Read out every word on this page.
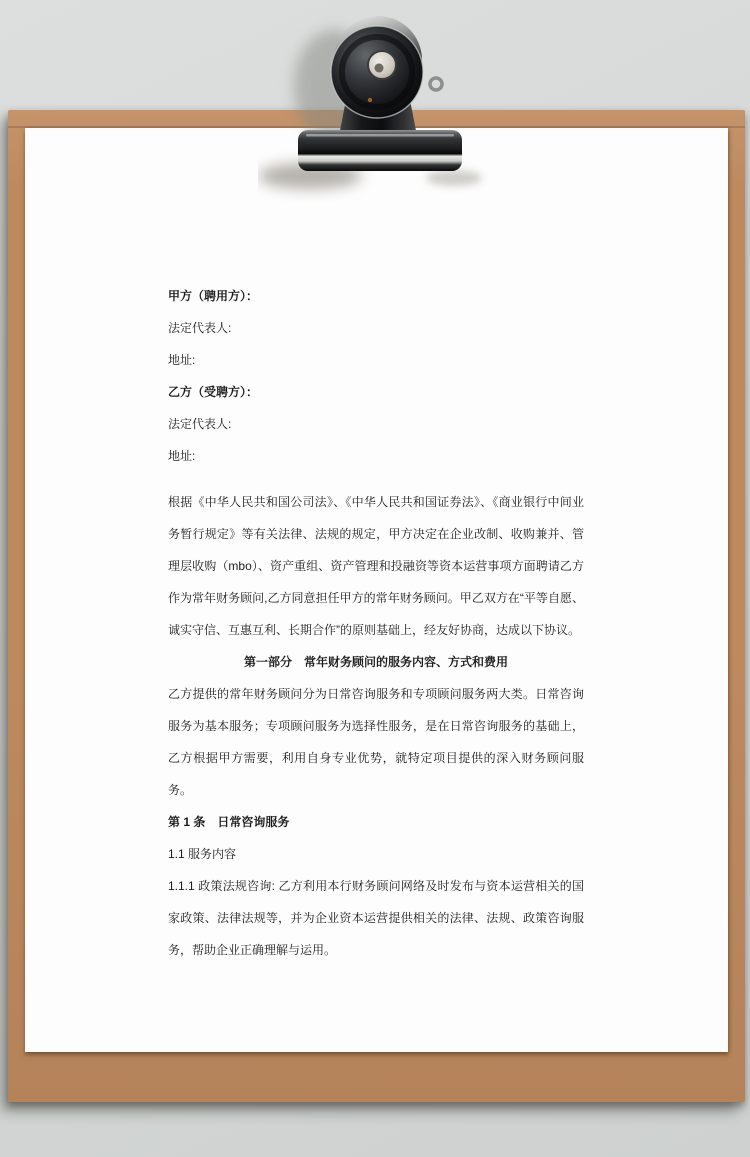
甲方（聘用方）：
法定代表人:
地址:
乙方（受聘方）：
法定代表人:
地址:
根据《中华人民共和国公司法》、《中华人民共和国证券法》、《商业银行中间业务暂行规定》等有关法律、法规的规定，甲方决定在企业改制、收购兼并、管理层收购（mbo）、资产重组、资产管理和投融资等资本运营事项方面聘请乙方作为常年财务顾问,乙方同意担任甲方的常年财务顾问。甲乙双方在“平等自愿、诚实守信、互惠互利、长期合作”的原则基础上，经友好协商，达成以下协议。
第一部分　常年财务顾问的服务内容、方式和费用
乙方提供的常年财务顾问分为日常咨询服务和专项顾问服务两大类。日常咨询服务为基本服务；专项顾问服务为选择性服务，是在日常咨询服务的基础上，乙方根据甲方需要，利用自身专业优势，就特定项目提供的深入财务顾问服务。
第 1 条　日常咨询服务
1.1 服务内容
1.1.1 政策法规咨询: 乙方利用本行财务顾问网络及时发布与资本运营相关的国家政策、法律法规等，并为企业资本运营提供相关的法律、法规、政策咨询服务，帮助企业正确理解与运用。
